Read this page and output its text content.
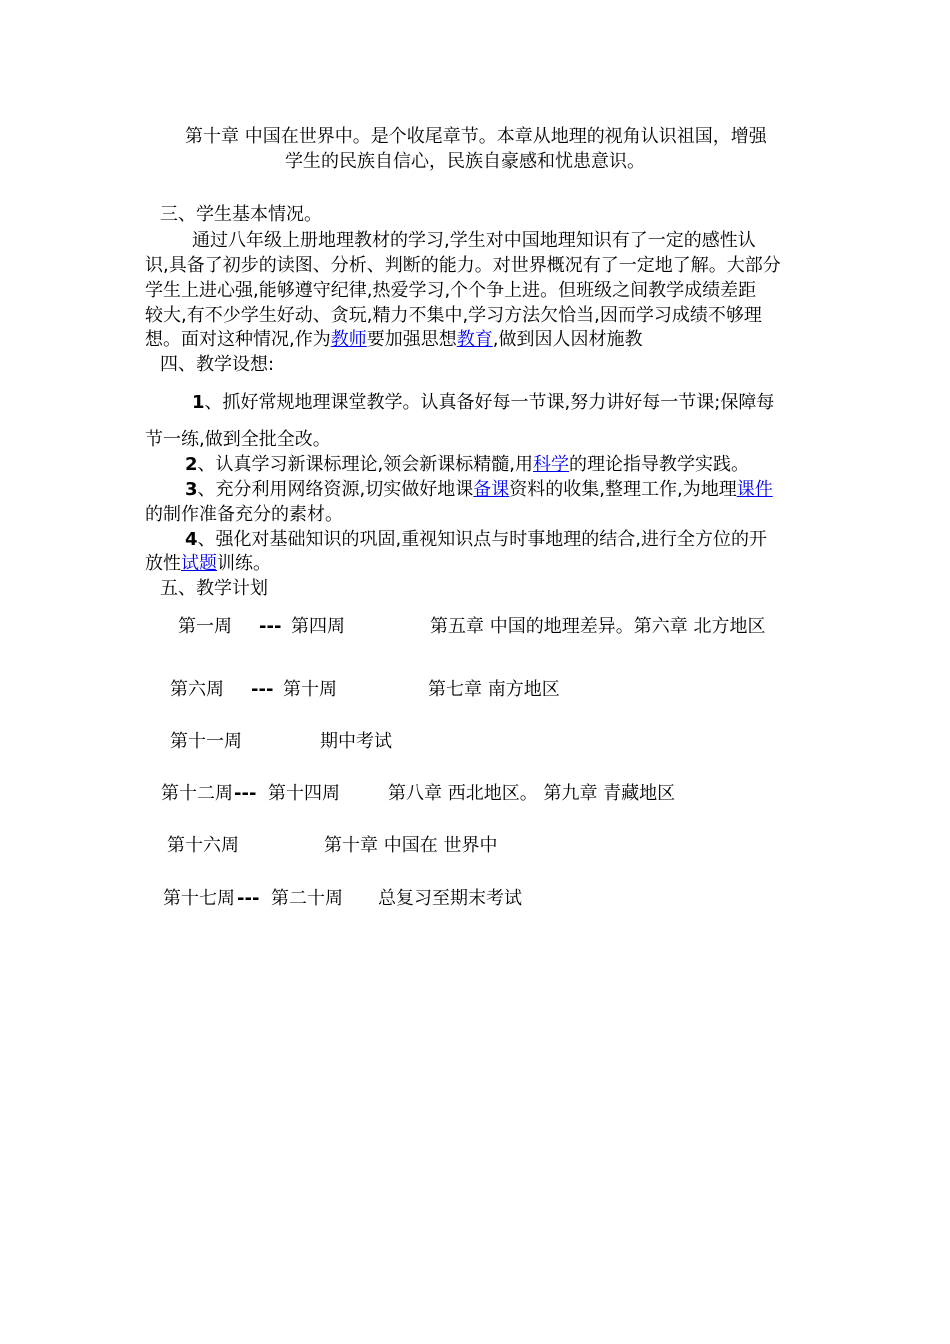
第十章 中国在世界中。是个收尾章节。本章从地理的视角认识祖国，增强
学生的民族自信心，民族自豪感和忧患意识。
三、学生基本情况。
通过八年级上册地理教材的学习,学生对中国地理知识有了一定的感性认
识,具备了初步的读图、分析、判断的能力。对世界概况有了一定地了解。大部分
学生上进心强,能够遵守纪律,热爱学习,个个争上进。但班级之间教学成绩差距
较大,有不少学生好动、贪玩,精力不集中,学习方法欠恰当,因而学习成绩不够理
想。面对这种情况,作为教师要加强思想教育,做到因人因材施教
四、教学设想:
1、抓好常规地理课堂教学。认真备好每一节课,努力讲好每一节课;保障每
节一练,做到全批全改。
2、认真学习新课标理论,领会新课标精髓,用科学的理论指导教学实践。
3、充分利用网络资源,切实做好地课备课资料的收集,整理工作,为地理课件
的制作准备充分的素材。
4、强化对基础知识的巩固,重视知识点与时事地理的结合,进行全方位的开
放性试题训练。
五、教学计划
第一周 --- 第四周	第五章 中国的地理差异。第六章 北方地区
第六周 --- 第十周	第七章 南方地区
第十一周	期中考试
第十二周 --- 第十四周	第八章 西北地区。 第九章 青藏地区
第十六周	第十章 中国在 世界中
第十七周 --- 第二十周 总复习至期末考试
